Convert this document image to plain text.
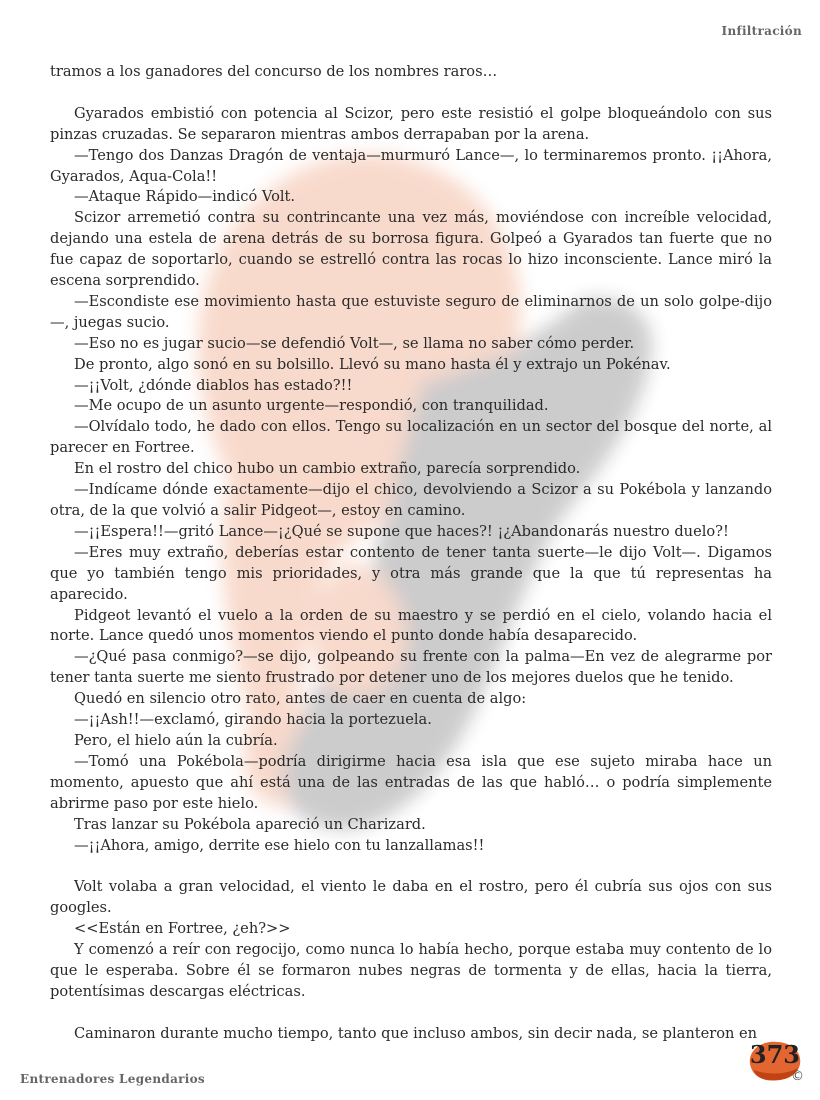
Infiltración

tramos a los ganadores del concurso de los nombres raros…

Gyarados embistió con potencia al Scizor, pero este resistió el golpe bloqueándolo con sus pinzas cruzadas. Se separaron mientras ambos derrapaban por la arena.

—Tengo dos Danzas Dragón de ventaja—murmuró Lance—, lo terminaremos pronto. ¡¡Ahora, Gyarados, Aqua-Cola!!

—Ataque Rápido—indicó Volt.

Scizor arremetió contra su contrincante una vez más, moviéndose con increíble velocidad, dejando una estela de arena detrás de su borrosa figura. Golpeó a Gyarados tan fuerte que no fue capaz de soportarlo, cuando se estrelló contra las rocas lo hizo inconsciente. Lance miró la escena sorprendido.

—Escondiste ese movimiento hasta que estuviste seguro de eliminarnos de un solo golpe-dijo—, juegas sucio.

—Eso no es jugar sucio—se defendió Volt—, se llama no saber cómo perder.

De pronto, algo sonó en su bolsillo. Llevó su mano hasta él y extrajo un Pokénav.

—¡¡Volt, ¿dónde diablos has estado?!!

—Me ocupo de un asunto urgente—respondió, con tranquilidad.

—Olvídalo todo, he dado con ellos. Tengo su localización en un sector del bosque del norte, al parecer en Fortree.

En el rostro del chico hubo un cambio extraño, parecía sorprendido.

—Indícame dónde exactamente—dijo el chico, devolviendo a Scizor a su Pokébola y lanzando otra, de la que volvió a salir Pidgeot—, estoy en camino.

—¡¡Espera!!—gritó Lance—¡¿Qué se supone que haces?! ¡¿Abandonarás nuestro duelo?!

—Eres muy extraño, deberías estar contento de tener tanta suerte—le dijo Volt—. Digamos que yo también tengo mis prioridades, y otra más grande que la que tú representas ha aparecido.

Pidgeot levantó el vuelo a la orden de su maestro y se perdió en el cielo, volando hacia el norte. Lance quedó unos momentos viendo el punto donde había desaparecido.

—¿Qué pasa conmigo?—se dijo, golpeando su frente con la palma—En vez de alegrarme por tener tanta suerte me siento frustrado por detener uno de los mejores duelos que he tenido.

Quedó en silencio otro rato, antes de caer en cuenta de algo:

—¡¡Ash!!—exclamó, girando hacia la portezuela.

Pero, el hielo aún la cubría.

—Tomó una Pokébola—podría dirigirme hacia esa isla que ese sujeto miraba hace un momento, apuesto que ahí está una de las entradas de las que habló… o podría simplemente abrirme paso por este hielo.

Tras lanzar su Pokébola apareció un Charizard.

—¡¡Ahora, amigo, derrite ese hielo con tu lanzallamas!!

Volt volaba a gran velocidad, el viento le daba en el rostro, pero él cubría sus ojos con sus googles.

<<Están en Fortree, ¿eh?>>

Y comenzó a reír con regocijo, como nunca lo había hecho, porque estaba muy contento de lo que le esperaba. Sobre él se formaron nubes negras de tormenta y de ellas, hacia la tierra, potentísimas descargas eléctricas.

Caminaron durante mucho tiempo, tanto que incluso ambos, sin decir nada, se planteron en

Entrenadores Legendarios
373
©
